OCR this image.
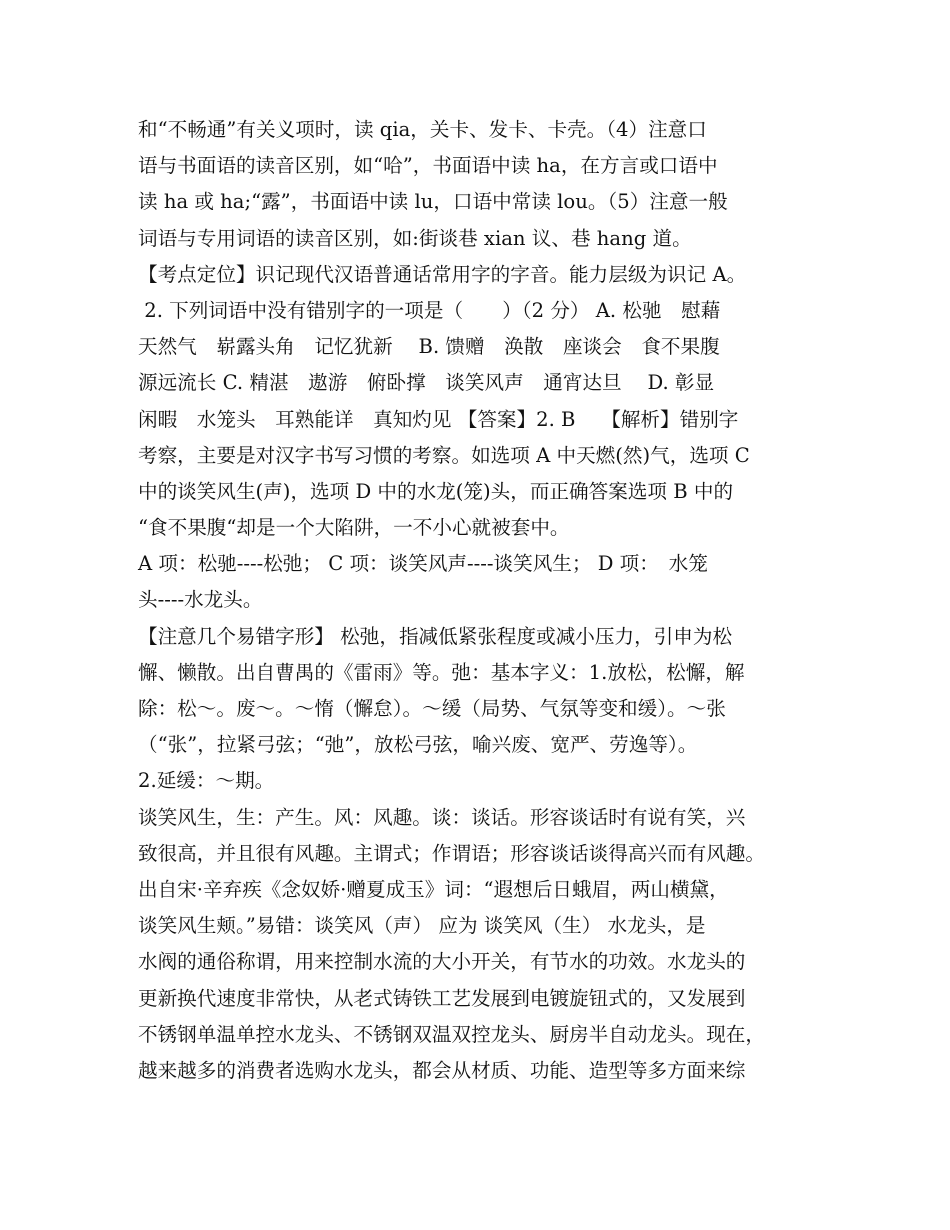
和“不畅通”有关义项时，读 qia，关卡、发卡、卡壳。（4）注意口
语与书面语的读音区别，如“哈”，书面语中读 ha，在方言或口语中
读 ha 或 ha;“露”，书面语中读 lu，口语中常读 lou。（5）注意一般
词语与专用词语的读音区别，如:街谈巷 xian 议、巷 hang 道。
【考点定位】识记现代汉语普通话常用字的字音。能力层级为识记 A。
2. 下列词语中没有错别字的一项是（　　）（2 分） A. 松驰　慰藉
天然气　崭露头角　记忆犹新　 B. 馈赠　涣散　座谈会　食不果腹
源远流长 C. 精湛　遨游　俯卧撑　谈笑风声　通宵达旦　 D. 彰显
闲暇　水笼头　耳熟能详　真知灼见 【答案】2. B　 【解析】错别字
考察，主要是对汉字书写习惯的考察。如选项 A 中天燃(然)气，选项 C
中的谈笑风生(声)，选项 D 中的水龙(笼)头，而正确答案选项 B 中的
“食不果腹“却是一个大陷阱，一不小心就被套中。
A 项：松驰----松弛； C 项：谈笑风声----谈笑风生； D 项：　水笼
头----水龙头。
【注意几个易错字形】 松弛，指减低紧张程度或减小压力，引申为松
懈、懒散。出自曹禺的《雷雨》等。弛：基本字义：1.放松，松懈，解
除：松～。废～。～惰（懈怠）。～缓（局势、气氛等变和缓）。～张
（“张”，拉紧弓弦；“弛”，放松弓弦，喻兴废、宽严、劳逸等）。
2.延缓：～期。
谈笑风生，生：产生。风：风趣。谈：谈话。形容谈话时有说有笑，兴
致很高，并且很有风趣。主谓式；作谓语；形容谈话谈得高兴而有风趣。
出自宋·辛弃疾《念奴娇·赠夏成玉》词：“遐想后日蛾眉，两山横黛，
谈笑风生颊。”易错：谈笑风（声） 应为 谈笑风（生） 水龙头，是
水阀的通俗称谓，用来控制水流的大小开关，有节水的功效。水龙头的
更新换代速度非常快，从老式铸铁工艺发展到电镀旋钮式的，又发展到
不锈钢单温单控水龙头、不锈钢双温双控龙头、厨房半自动龙头。现在，
越来越多的消费者选购水龙头，都会从材质、功能、造型等多方面来综
